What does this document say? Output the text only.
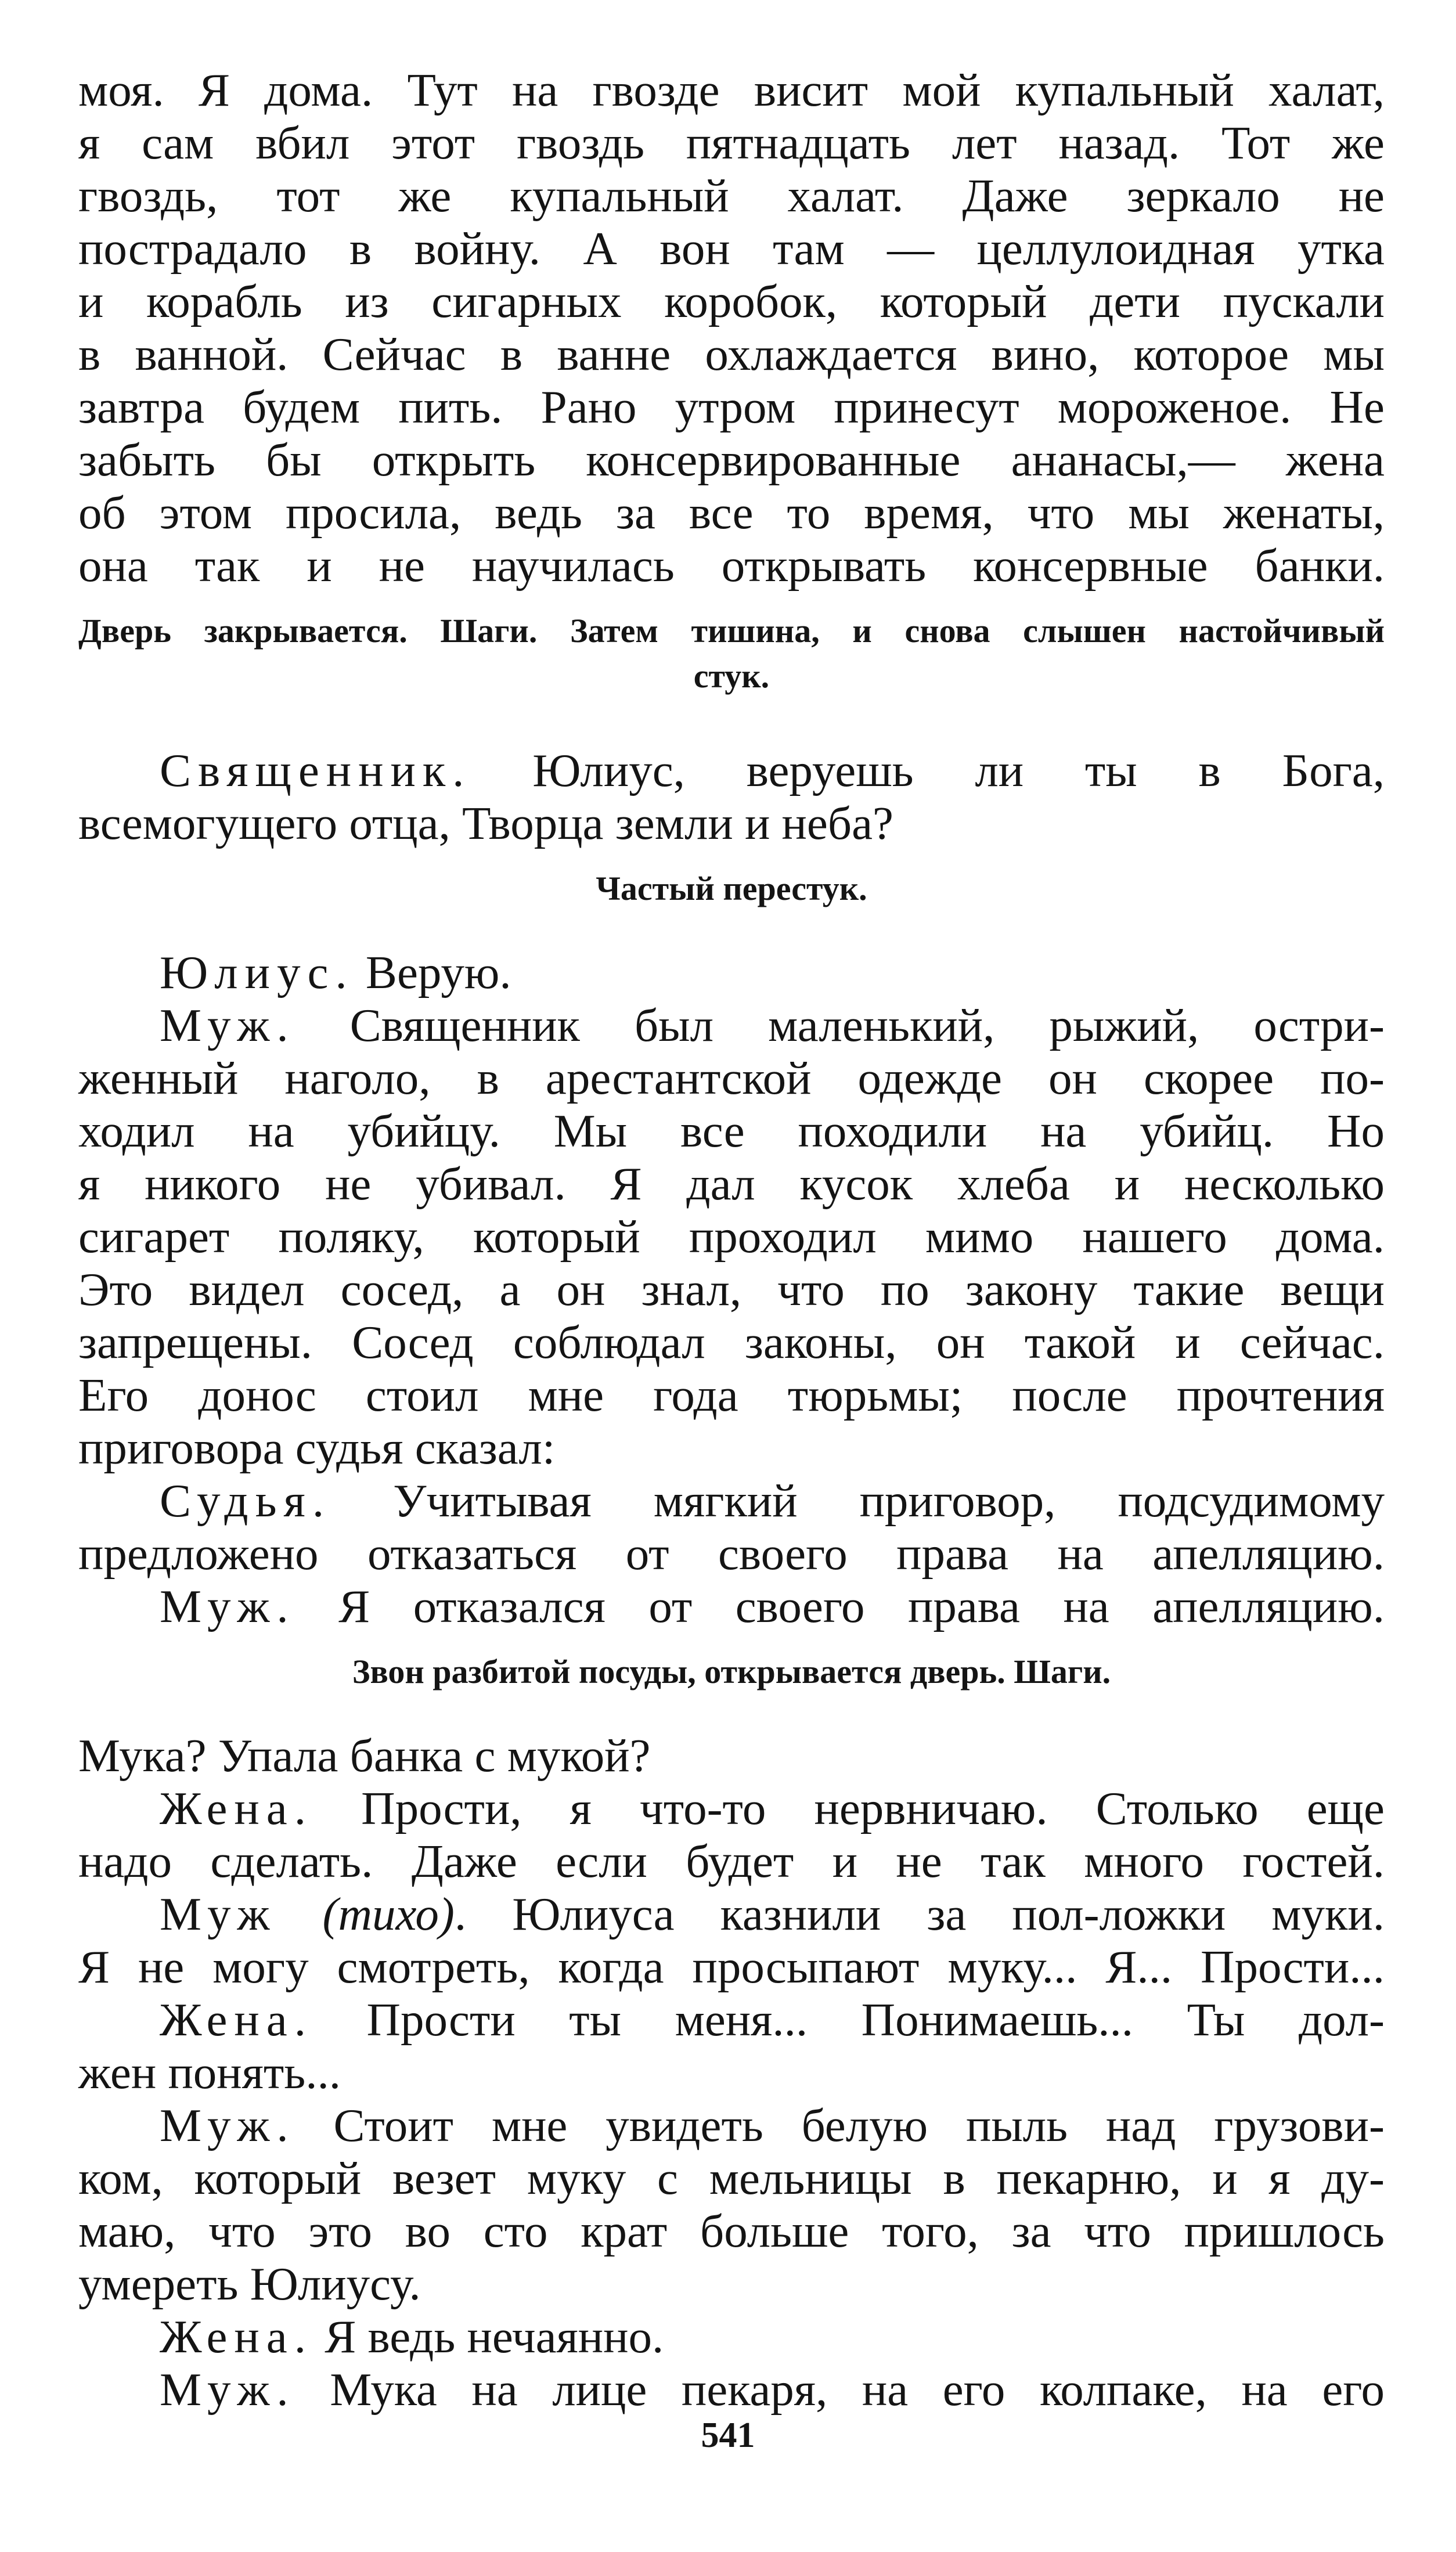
моя. Я дома. Тут на гвозде висит мой купальный халат,
я сам вбил этот гвоздь пятнадцать лет назад. Тот же
гвоздь, тот же купальный халат. Даже зеркало не
пострадало в войну. А вон там — целлулоидная утка
и корабль из сигарных коробок, который дети пускали
в ванной. Сейчас в ванне охлаждается вино, которое мы
завтра будем пить. Рано утром принесут мороженое. Не
забыть бы открыть консервированные ананасы,— жена
об этом просила, ведь за все то время, что мы женаты,
она так и не научилась открывать консервные банки.
Дверь закрывается. Шаги. Затем тишина, и снова слышен настойчивый
стук.
Священник. Юлиус, веруешь ли ты в Бога,
всемогущего отца, Творца земли и неба?
Частый перестук.
Юлиус. Верую.
Муж. Священник был маленький, рыжий, остри-
женный наголо, в арестантской одежде он скорее по-
ходил на убийцу. Мы все походили на убийц. Но
я никого не убивал. Я дал кусок хлеба и несколько
сигарет поляку, который проходил мимо нашего дома.
Это видел сосед, а он знал, что по закону такие вещи
запрещены. Сосед соблюдал законы, он такой и сейчас.
Его донос стоил мне года тюрьмы; после прочтения
приговора судья сказал:
Судья. Учитывая мягкий приговор, подсудимому
предложено отказаться от своего права на апелляцию.
Муж. Я отказался от своего права на апелляцию.
Звон разбитой посуды, открывается дверь. Шаги.
Мука? Упала банка с мукой?
Жена. Прости, я что-то нервничаю. Столько еще
надо сделать. Даже если будет и не так много гостей.
Муж (тихо). Юлиуса казнили за пол-ложки муки.
Я не могу смотреть, когда просыпают муку... Я... Прости...
Жена. Прости ты меня... Понимаешь... Ты дол-
жен понять...
Муж. Стоит мне увидеть белую пыль над грузови-
ком, который везет муку с мельницы в пекарню, и я ду-
маю, что это во сто крат больше того, за что пришлось
умереть Юлиусу.
Жена. Я ведь нечаянно.
Муж. Мука на лице пекаря, на его колпаке, на его
541
